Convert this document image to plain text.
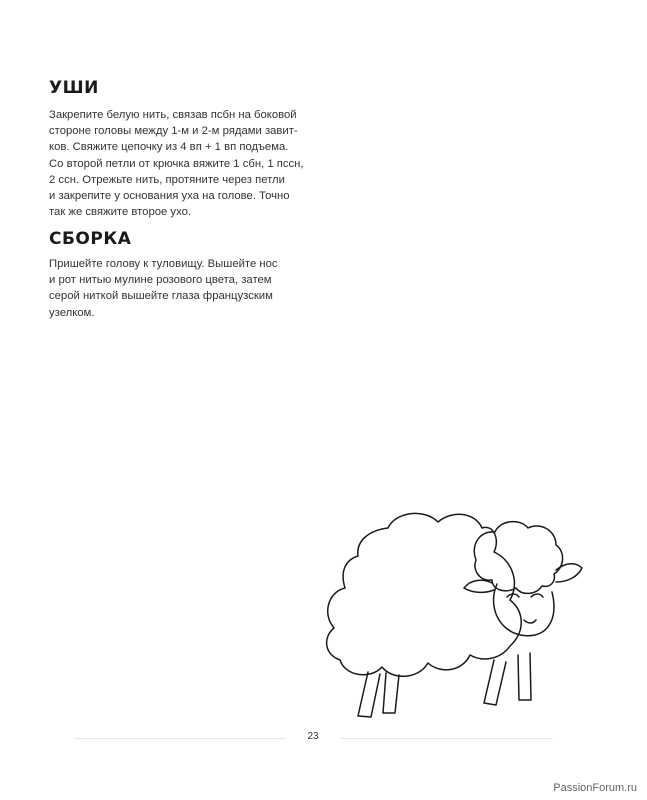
УШИ
Закрепите белую нить, связав псбн на боковой
стороне головы между 1-м и 2-м рядами завит-
ков. Свяжите цепочку из 4 вп + 1 вп подъема.
Со второй петли от крючка вяжите 1 сбн, 1 пссн,
2 ссн. Отрежьте нить, протяните через петли
и закрепите у основания уха на голове. Точно
так же свяжите второе ухо.
СБОРКА
Пришейте голову к туловищу. Вышейте нос
и рот нитью мулине розового цвета, затем
серой ниткой вышейте глаза французским
узелком.
23
PassionForum.ru
